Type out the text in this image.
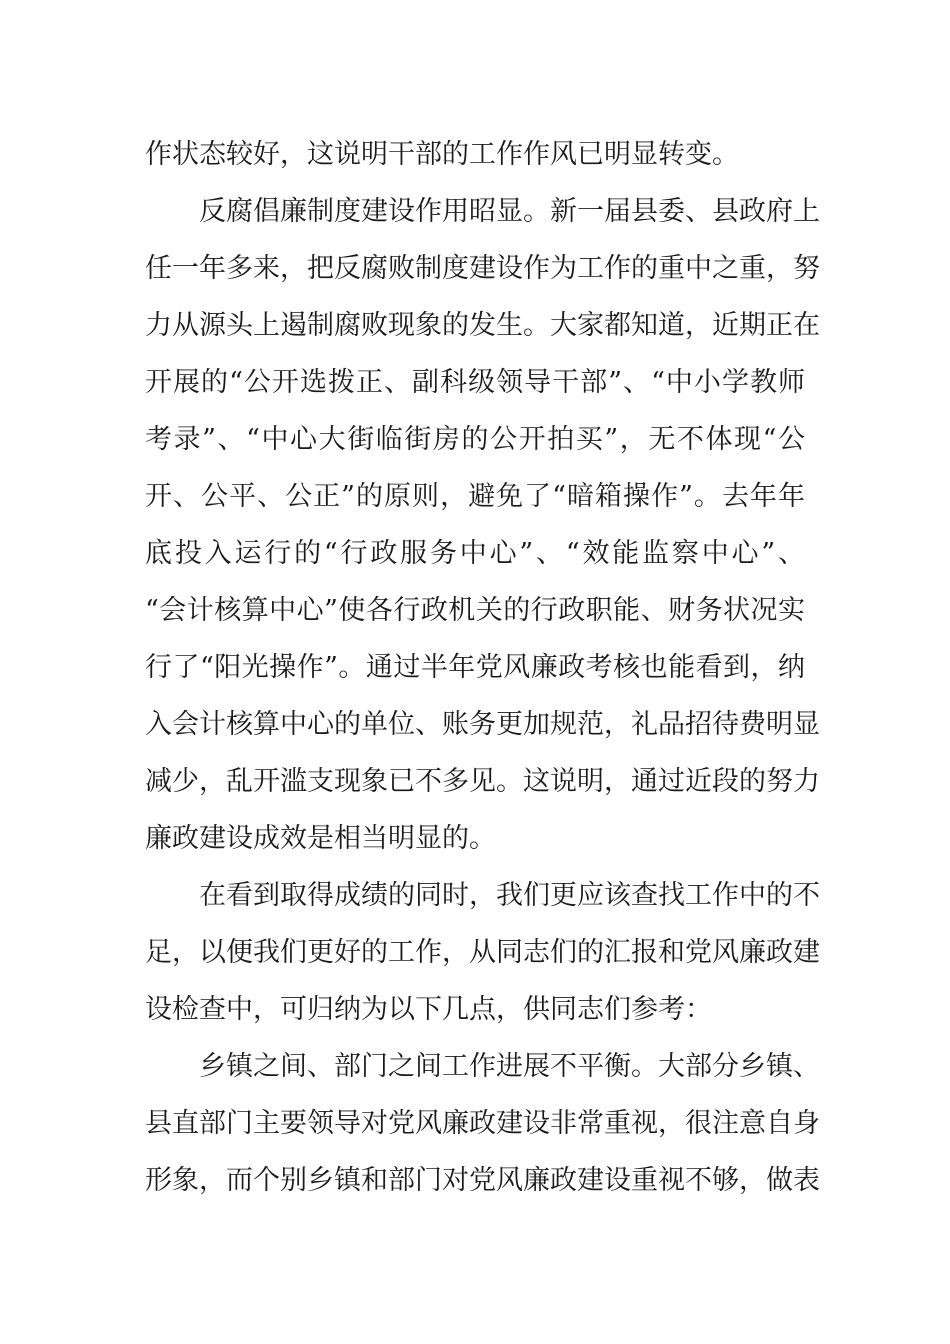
作状态较好，这说明干部的工作作风已明显转变。
反腐倡廉制度建设作用昭显。新一届县委、县政府上
任一年多来，把反腐败制度建设作为工作的重中之重，努
力从源头上遏制腐败现象的发生。大家都知道，近期正在
开展的“公开选拨正、副科级领导干部”、“中小学教师
考录”、“中心大街临街房的公开拍买”，无不体现“公
开、公平、公正”的原则，避免了“暗箱操作”。去年年
底投入运行的“行政服务中心”、“效能监察中心”、
“会计核算中心”使各行政机关的行政职能、财务状况实
行了“阳光操作”。通过半年党风廉政考核也能看到，纳
入会计核算中心的单位、账务更加规范，礼品招待费明显
减少，乱开滥支现象已不多见。这说明，通过近段的努力
廉政建设成效是相当明显的。
在看到取得成绩的同时，我们更应该查找工作中的不
足，以便我们更好的工作，从同志们的汇报和党风廉政建
设检查中，可归纳为以下几点，供同志们参考：
乡镇之间、部门之间工作进展不平衡。大部分乡镇、
县直部门主要领导对党风廉政建设非常重视，很注意自身
形象，而个别乡镇和部门对党风廉政建设重视不够，做表
